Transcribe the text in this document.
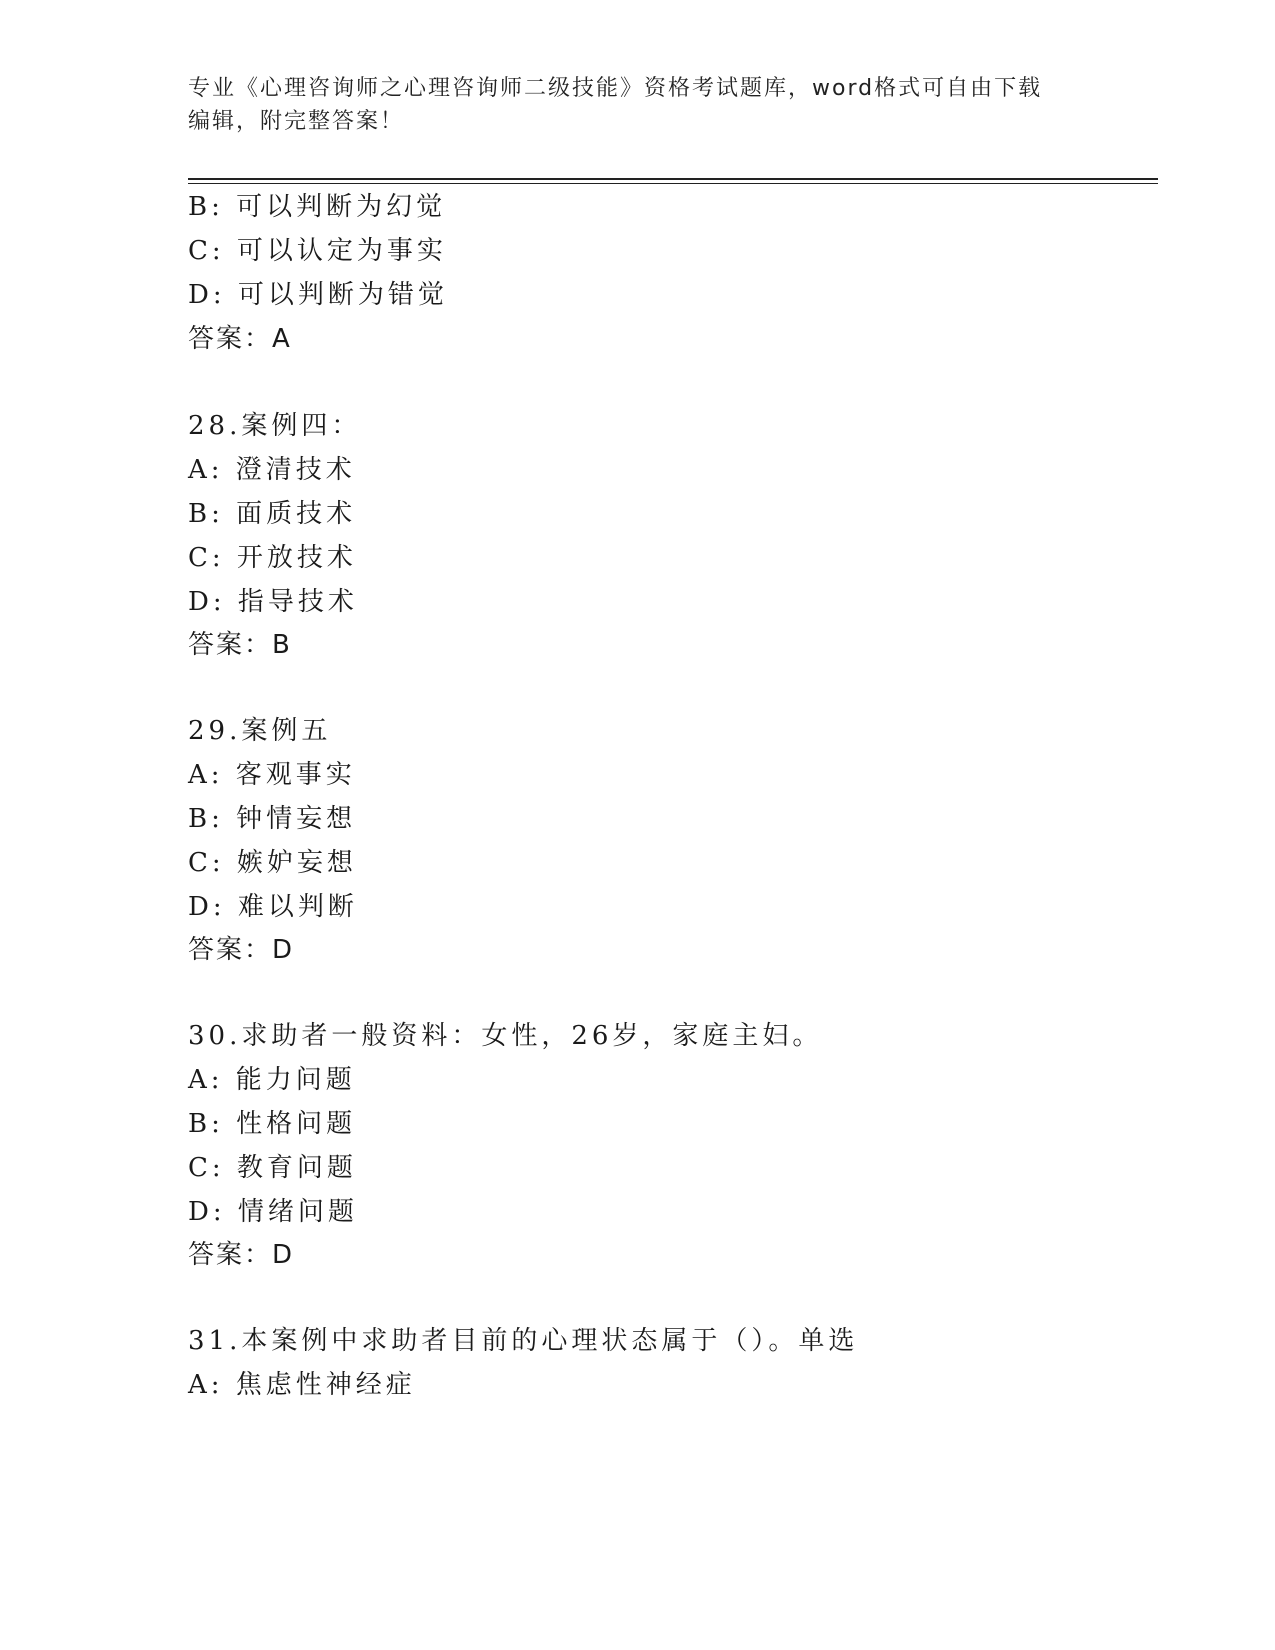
专业《心理咨询师之心理咨询师二级技能》资格考试题库，word格式可自由下载
编辑，附完整答案！
B: 可以判断为幻觉
C: 可以认定为事实
D: 可以判断为错觉
答案：A
28.案例四：
A: 澄清技术
B: 面质技术
C: 开放技术
D: 指导技术
答案：B
29.案例五
A: 客观事实
B: 钟情妄想
C: 嫉妒妄想
D: 难以判断
答案：D
30.求助者一般资料：女性，26岁，家庭主妇。
A: 能力问题
B: 性格问题
C: 教育问题
D: 情绪问题
答案：D
31.本案例中求助者目前的心理状态属于（）。单选
A: 焦虑性神经症
